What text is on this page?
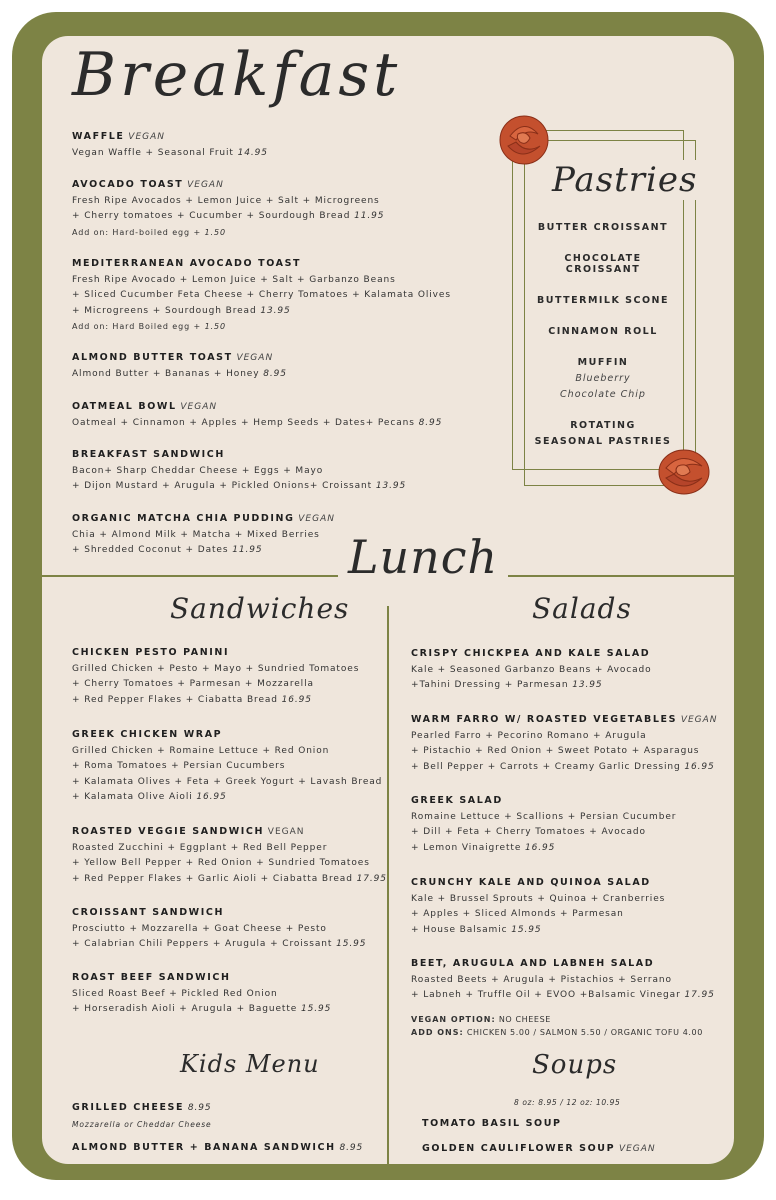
Breakfast
WAFFLE VEGAN
Vegan Waffle + Seasonal Fruit 14.95
AVOCADO TOAST VEGAN
Fresh Ripe Avocados + Lemon Juice + Salt + Microgreens
+ Cherry tomatoes + Cucumber + Sourdough Bread 11.95
Add on: Hard-boiled egg + 1.50
MEDITERRANEAN AVOCADO TOAST
Fresh Ripe Avocado + Lemon Juice + Salt + Garbanzo Beans
+ Sliced Cucumber Feta Cheese + Cherry Tomatoes + Kalamata Olives
+ Microgreens + Sourdough Bread 13.95
Add on: Hard Boiled egg + 1.50
ALMOND BUTTER TOAST VEGAN
Almond Butter + Bananas + Honey 8.95
OATMEAL BOWL VEGAN
Oatmeal + Cinnamon + Apples + Hemp Seeds + Dates+ Pecans 8.95
BREAKFAST SANDWICH
Bacon+ Sharp Cheddar Cheese + Eggs + Mayo
+ Dijon Mustard + Arugula + Pickled Onions+ Croissant 13.95
ORGANIC MATCHA CHIA PUDDING VEGAN
Chia + Almond Milk + Matcha + Mixed Berries
+ Shredded Coconut + Dates 11.95
Pastries
BUTTER CROISSANT
CHOCOLATE CROISSANT
BUTTERMILK SCONE
CINNAMON ROLL
MUFFIN
Blueberry
Chocolate Chip
ROTATING
SEASONAL PASTRIES
Lunch
Sandwiches
CHICKEN PESTO PANINI
Grilled Chicken + Pesto + Mayo + Sundried Tomatoes
+ Cherry Tomatoes + Parmesan + Mozzarella
+ Red Pepper Flakes + Ciabatta Bread 16.95
GREEK CHICKEN WRAP
Grilled Chicken + Romaine Lettuce + Red Onion
+ Roma Tomatoes + Persian Cucumbers
+ Kalamata Olives + Feta + Greek Yogurt + Lavash Bread
+ Kalamata Olive Aioli 16.95
ROASTED VEGGIE SANDWICH VEGAN
Roasted Zucchini + Eggplant + Red Bell Pepper
+ Yellow Bell Pepper + Red Onion + Sundried Tomatoes
+ Red Pepper Flakes + Garlic Aioli + Ciabatta Bread 17.95
CROISSANT SANDWICH
Prosciutto + Mozzarella + Goat Cheese + Pesto
+ Calabrian Chili Peppers + Arugula + Croissant 15.95
ROAST BEEF SANDWICH
Sliced Roast Beef + Pickled Red Onion
+ Horseradish Aioli + Arugula + Baguette 15.95
Kids Menu
GRILLED CHEESE 8.95
Mozzarella or Cheddar Cheese
ALMOND BUTTER + BANANA SANDWICH 8.95
Salads
CRISPY CHICKPEA AND KALE SALAD
Kale + Seasoned Garbanzo Beans + Avocado
+Tahini Dressing + Parmesan 13.95
WARM FARRO W/ ROASTED VEGETABLES VEGAN
Pearled Farro + Pecorino Romano + Arugula
+ Pistachio + Red Onion + Sweet Potato + Asparagus
+ Bell Pepper + Carrots + Creamy Garlic Dressing 16.95
GREEK SALAD
Romaine Lettuce + Scallions + Persian Cucumber
+ Dill + Feta + Cherry Tomatoes + Avocado
+ Lemon Vinaigrette 16.95
CRUNCHY KALE AND QUINOA SALAD
Kale + Brussel Sprouts + Quinoa + Cranberries
+ Apples + Sliced Almonds + Parmesan
+ House Balsamic 15.95
BEET, ARUGULA AND LABNEH SALAD
Roasted Beets + Arugula + Pistachios + Serrano
+ Labneh + Truffle Oil + EVOO +Balsamic Vinegar 17.95
VEGAN OPTION: NO CHEESE
ADD ONS: CHICKEN 5.00 / SALMON 5.50 / ORGANIC TOFU 4.00
Soups
8 oz: 8.95 / 12 oz: 10.95
TOMATO BASIL SOUP
GOLDEN CAULIFLOWER SOUP VEGAN
